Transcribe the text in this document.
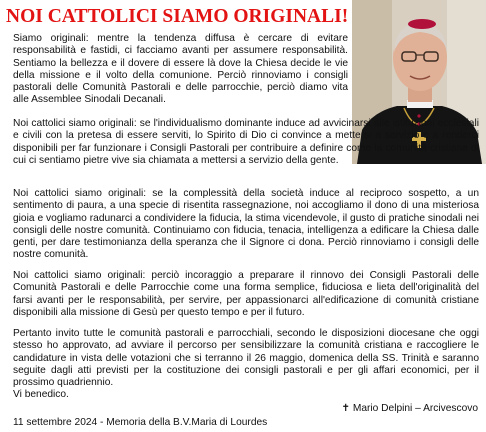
NOI CATTOLICI SIAMO ORIGINALI!

Siamo originali: mentre la tendenza diffusa è cercare di evitare responsabilità e fastidi, ci facciamo avanti per assumere responsabilità. Sentiamo la bellezza e il dovere di essere là dove la Chiesa decide le vie della missione e il volto della comunione. Perciò rinnoviamo i consigli pastorali delle Comunità Pastorali e delle parrocchie, perciò diamo vita alle Assemblee Sinodali Decanali.

Noi cattolici siamo originali: se l'individualismo dominante induce ad avvicinarsi alle istituzioni ecclesiali e civili con la pretesa di essere serviti, lo Spirito di Dio ci convince a mettersi a servizio e a renderci disponibili per far funzionare i Consigli Pastorali per contribuire a definire come la comunità cristiana di cui ci sentiamo pietre vive sia chiamata a mettersi a servizio della gente.

Noi cattolici siamo originali: se la complessità della società induce al reciproco sospetto, a un sentimento di paura, a una specie di risentita rassegnazione, noi accogliamo il dono di una misteriosa gioia e vogliamo radunarci a condividere la fiducia, la stima vicendevole, il gusto di pratiche sinodali nei consigli delle nostre comunità. Continuiamo con fiducia, tenacia, intelligenza a edificare la Chiesa dalle genti, per dare testimonianza della speranza che il Signore ci dona. Perciò rinnoviamo i consigli delle nostre comunità.

Noi cattolici siamo originali: perciò incoraggio a preparare il rinnovo dei Consigli Pastorali delle Comunità Pastorali e delle Parrocchie come una forma semplice, fiduciosa e lieta dell'originalità del farsi avanti per le responsabilità, per servire, per appassionarci all'edificazione di comunità cristiane disponibili alla missione di Gesù per questo tempo e per il futuro.

Pertanto invito tutte le comunità pastorali e parrocchiali, secondo le disposizioni diocesane che oggi stesso ho approvato, ad avviare il percorso per sensibilizzare la comunità cristiana e raccogliere le candidature in vista delle votazioni che si terranno il 26 maggio, domenica della SS. Trinità e saranno seguite dagli atti previsti per la costituzione dei consigli pastorali e per gli affari economici, per il prossimo quadriennio.
Vi benedico.

✝ Mario Delpini – Arcivescovo
11 settembre 2024 - Memoria della B.V.Maria di Lourdes
